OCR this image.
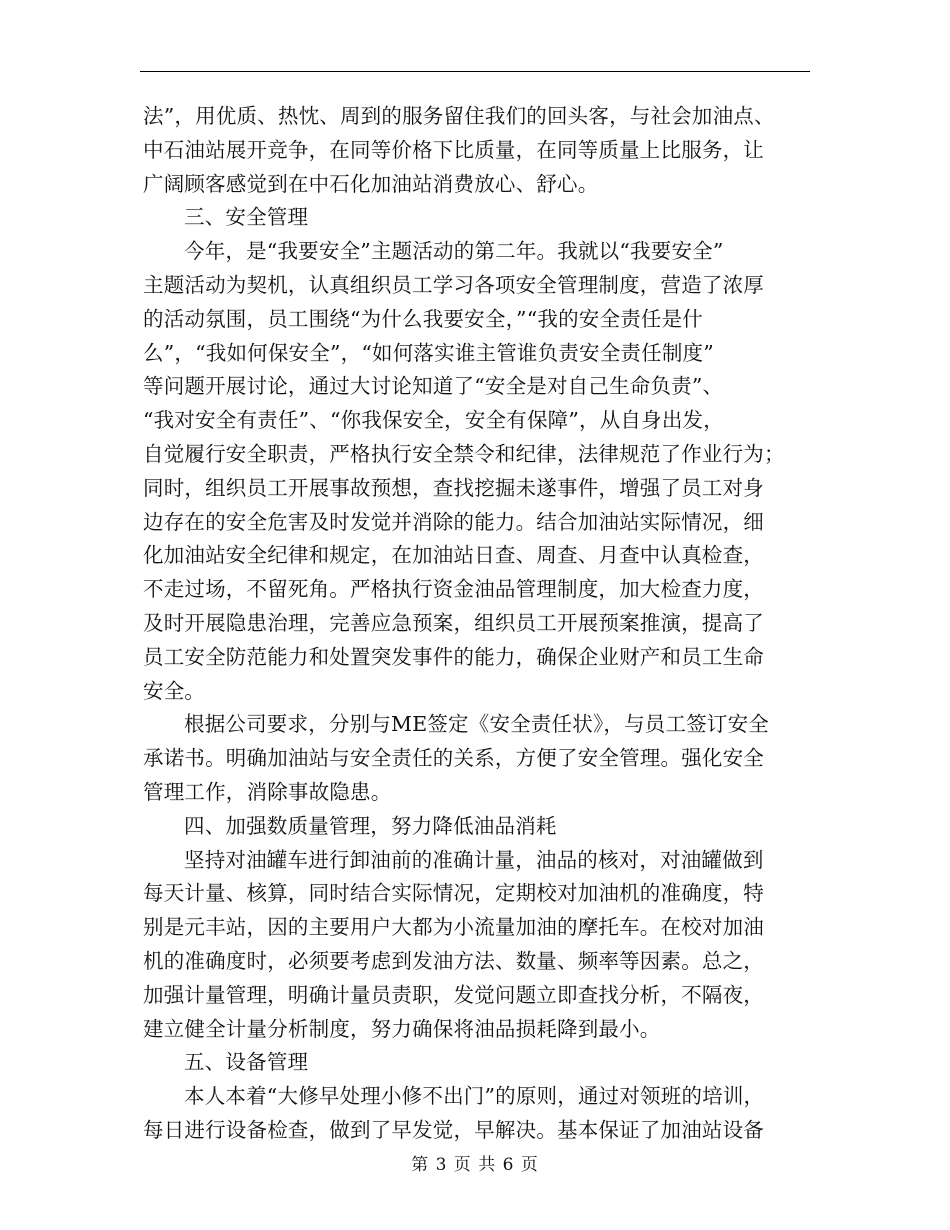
法”，用优质、热忱、周到的服务留住我们的回头客，与社会加油点、
中石油站展开竞争，在同等价格下比质量，在同等质量上比服务，让
广阔顾客感觉到在中石化加油站消费放心、舒心。
三、安全管理
今年，是“我要安全”主题活动的第二年。我就以“我要安全”
主题活动为契机，认真组织员工学习各项安全管理制度，营造了浓厚
的活动氛围，员工围绕“为什么我要安全，”“我的安全责任是什
么”，“我如何保安全”，“如何落实谁主管谁负责安全责任制度”
等问题开展讨论，通过大讨论知道了“安全是对自己生命负责”、
“我对安全有责任”、“你我保安全，安全有保障”，从自身出发，
自觉履行安全职责，严格执行安全禁令和纪律，法律规范了作业行为；
同时，组织员工开展事故预想，查找挖掘未遂事件，增强了员工对身
边存在的安全危害及时发觉并消除的能力。结合加油站实际情况，细
化加油站安全纪律和规定，在加油站日查、周查、月查中认真检查，
不走过场，不留死角。严格执行资金油品管理制度，加大检查力度，
及时开展隐患治理，完善应急预案，组织员工开展预案推演，提高了
员工安全防范能力和处置突发事件的能力，确保企业财产和员工生命
安全。
根据公司要求，分别与ME签定《安全责任状》，与员工签订安全
承诺书。明确加油站与安全责任的关系，方便了安全管理。强化安全
管理工作，消除事故隐患。
四、加强数质量管理，努力降低油品消耗
坚持对油罐车进行卸油前的准确计量，油品的核对，对油罐做到
每天计量、核算，同时结合实际情况，定期校对加油机的准确度，特
别是元丰站，因的主要用户大都为小流量加油的摩托车。在校对加油
机的准确度时，必须要考虑到发油方法、数量、频率等因素。总之，
加强计量管理，明确计量员责职，发觉问题立即查找分析，不隔夜，
建立健全计量分析制度，努力确保将油品损耗降到最小。
五、设备管理
本人本着“大修早处理小修不出门”的原则，通过对领班的培训，
每日进行设备检查，做到了早发觉，早解决。基本保证了加油站设备
第 3 页 共 6 页
